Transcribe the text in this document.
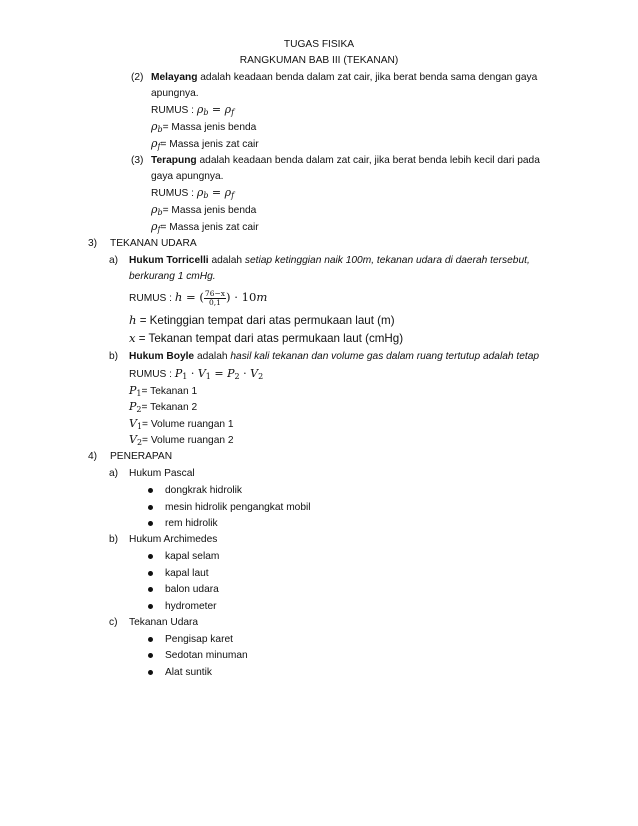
TUGAS FISIKA
RANGKUMAN BAB III (TEKANAN)
(2) Melayang adalah keadaan benda dalam zat cair, jika berat benda sama dengan gaya
apungnya.
RUMUS : ρb = ρf
ρb= Massa jenis benda
ρf= Massa jenis zat cair
(3) Terapung adalah keadaan benda dalam zat cair, jika berat benda lebih kecil dari pada
gaya apungnya.
RUMUS : ρb = ρf
ρb= Massa jenis benda
ρf= Massa jenis zat cair
3) TEKANAN UDARA
a) Hukum Torricelli adalah setiap ketinggian naik 100m, tekanan udara di daerah tersebut,
berkurang 1 cmHg.
RUMUS : h = ( $\frac{76-x}{0,1}$ ) · 10m
h = Ketinggian tempat dari atas permukaan laut (m)
x = Tekanan tempat dari atas permukaan laut (cmHg)
b) Hukum Boyle adalah hasil kali tekanan dan volume gas dalam ruang tertutup adalah tetap
RUMUS : P1 · V1 = P2 · V2
P1= Tekanan 1
P2= Tekanan 2
V1= Volume ruangan 1
V2= Volume ruangan 2
4) PENERAPAN
a) Hukum Pascal
dongkrak hidrolik
mesin hidrolik pengangkat mobil
rem hidrolik
b) Hukum Archimedes
kapal selam
kapal laut
balon udara
hydrometer
c) Tekanan Udara
Pengisap karet
Sedotan minuman
Alat suntik
